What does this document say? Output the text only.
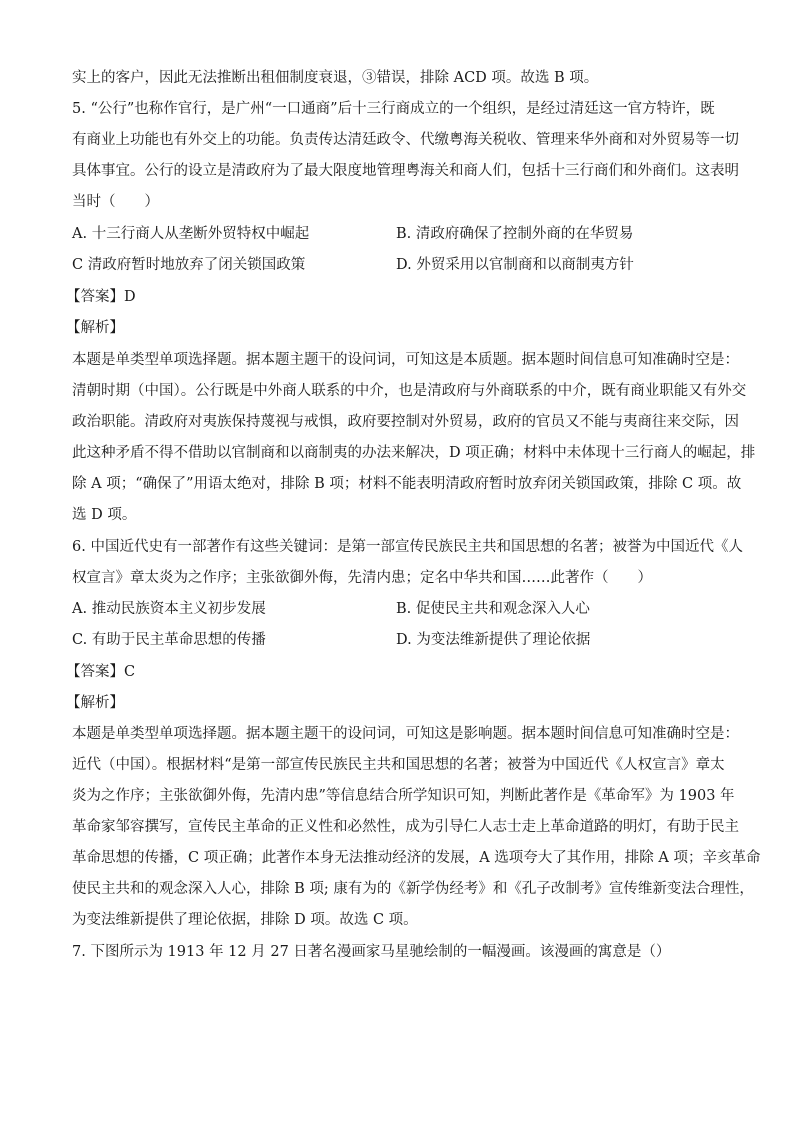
实上的客户，因此无法推断出租佃制度衰退，③错误，排除 ACD 项。故选 B 项。
5. “公行”也称作官行，是广州“一口通商”后十三行商成立的一个组织，是经过清廷这一官方特许，既
有商业上功能也有外交上的功能。负责传达清廷政令、代缴粤海关税收、管理来华外商和对外贸易等一切
具体事宜。公行的设立是清政府为了最大限度地管理粤海关和商人们，包括十三行商们和外商们。这表明
当时（　　）
A. 十三行商人从垄断外贸特权中崛起	B. 清政府确保了控制外商的在华贸易
C 清政府暂时地放弃了闭关锁国政策	D. 外贸采用以官制商和以商制夷方针
【答案】D
【解析】
本题是单类型单项选择题。据本题主题干的设问词，可知这是本质题。据本题时间信息可知准确时空是：
清朝时期（中国）。公行既是中外商人联系的中介，也是清政府与外商联系的中介，既有商业职能又有外交
政治职能。清政府对夷族保持蔑视与戒惧，政府要控制对外贸易，政府的官员又不能与夷商往来交际，因
此这种矛盾不得不借助以官制商和以商制夷的办法来解决，D 项正确；材料中未体现十三行商人的崛起，排
除 A 项；“确保了”用语太绝对，排除 B 项；材料不能表明清政府暂时放弃闭关锁国政策，排除 C 项。故
选 D 项。
6. 中国近代史有一部著作有这些关键词：是第一部宣传民族民主共和国思想的名著；被誉为中国近代《人
权宣言》章太炎为之作序；主张欲御外侮，先清内患；定名中华共和国……此著作（　　）
A. 推动民族资本主义初步发展	B. 促使民主共和观念深入人心
C. 有助于民主革命思想的传播	D. 为变法维新提供了理论依据
【答案】C
【解析】
本题是单类型单项选择题。据本题主题干的设问词，可知这是影响题。据本题时间信息可知准确时空是：
近代（中国）。根据材料“是第一部宣传民族民主共和国思想的名著；被誉为中国近代《人权宣言》章太
炎为之作序；主张欲御外侮，先清内患”等信息结合所学知识可知，判断此著作是《革命军》为 1903 年
革命家邹容撰写，宣传民主革命的正义性和必然性，成为引导仁人志士走上革命道路的明灯，有助于民主
革命思想的传播，C 项正确；此著作本身无法推动经济的发展，A 选项夸大了其作用，排除 A 项；辛亥革命
使民主共和的观念深入人心，排除 B 项; 康有为的《新学伪经考》和《孔子改制考》宣传维新变法合理性，
为变法维新提供了理论依据，排除 D 项。故选 C 项。
7. 下图所示为 1913 年 12 月 27 日著名漫画家马星驰绘制的一幅漫画。该漫画的寓意是（）
